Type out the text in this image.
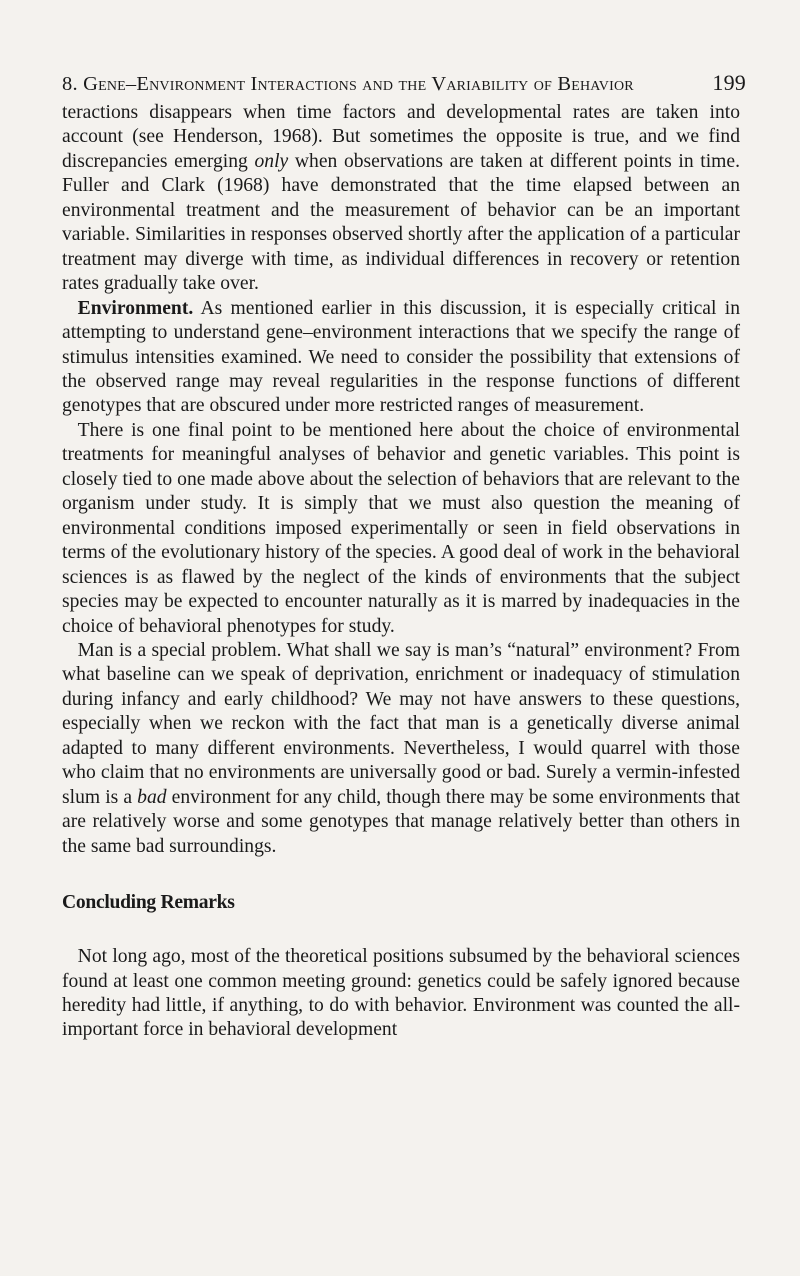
8. Gene–Environment Interactions and the Variability of Behavior	199

teractions disappears when time factors and developmental rates are taken into account (see Henderson, 1968). But sometimes the opposite is true, and we find discrepancies emerging only when observations are taken at different points in time. Fuller and Clark (1968) have demonstrated that the time elapsed between an environmental treatment and the measurement of behavior can be an important variable. Similarities in responses observed shortly after the application of a particular treatment may diverge with time, as individual differences in recovery or retention rates gradually take over.

Environment. As mentioned earlier in this discussion, it is especially critical in attempting to understand gene–environment interactions that we specify the range of stimulus intensities examined. We need to consider the possibility that extensions of the observed range may reveal regularities in the response functions of different genotypes that are obscured under more restricted ranges of measurement.

There is one final point to be mentioned here about the choice of environmental treatments for meaningful analyses of behavior and genetic variables. This point is closely tied to one made above about the selection of behaviors that are relevant to the organism under study. It is simply that we must also question the meaning of environmental conditions imposed experimentally or seen in field observations in terms of the evolutionary history of the species. A good deal of work in the behavioral sciences is as flawed by the neglect of the kinds of environments that the subject species may be expected to encounter naturally as it is marred by inadequacies in the choice of behavioral phenotypes for study.

Man is a special problem. What shall we say is man’s “natural” environment? From what baseline can we speak of deprivation, enrichment or inadequacy of stimulation during infancy and early childhood? We may not have answers to these questions, especially when we reckon with the fact that man is a genetically diverse animal adapted to many different environments. Nevertheless, I would quarrel with those who claim that no environments are universally good or bad. Surely a vermin-infested slum is a bad environment for any child, though there may be some environments that are relatively worse and some genotypes that manage relatively better than others in the same bad surroundings.

Concluding Remarks

Not long ago, most of the theoretical positions subsumed by the behavioral sciences found at least one common meeting ground: genetics could be safely ignored because heredity had little, if anything, to do with behavior. Environment was counted the all-important force in behavioral development
